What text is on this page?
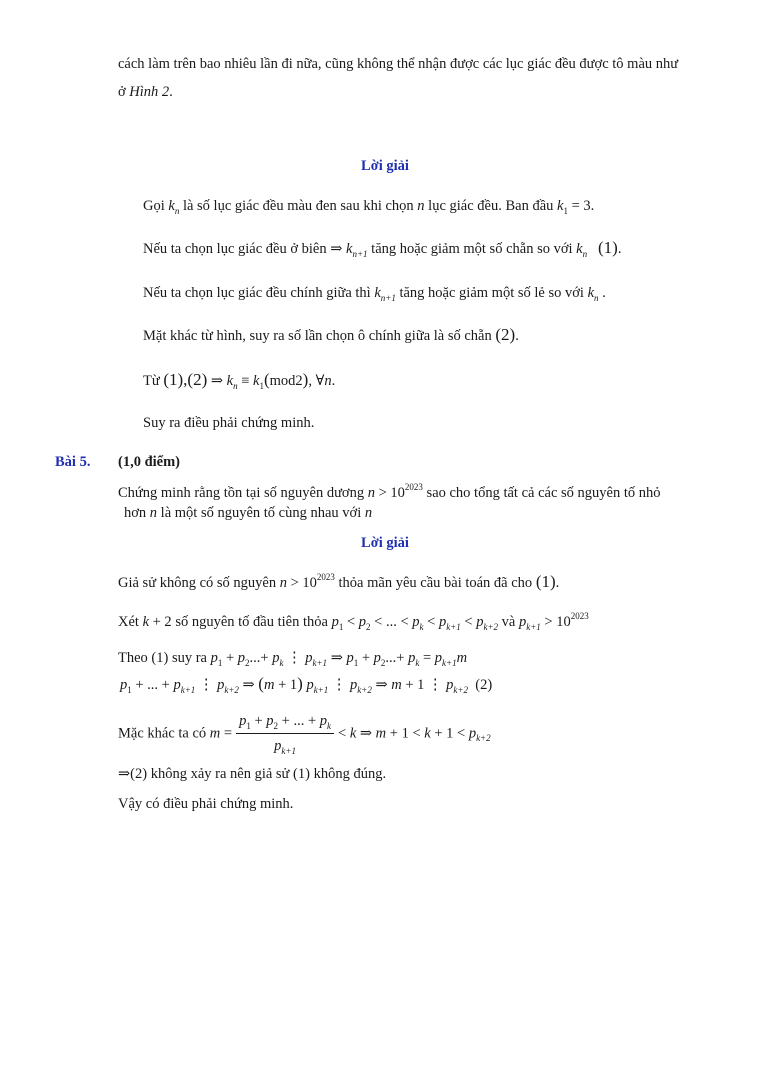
cách làm trên bao nhiêu lần đi nữa, cũng không thể nhận được các lục giác đều được tô màu như
ở Hình 2.
Lời giải
Gọi $k_n$ là số lục giác đều màu đen sau khi chọn n lục giác đều. Ban đầu $k_1 = 3$.
Nếu ta chọn lục giác đều ở biên ⇒ $k_{n+1}$ tăng hoặc giảm một số chẵn so với $k_n$ (1).
Nếu ta chọn lục giác đều chính giữa thì $k_{n+1}$ tăng hoặc giảm một số lẻ so với $k_n$ .
Mặt khác từ hình, suy ra số lần chọn ô chính giữa là số chẵn (2).
Từ (1),(2) ⇒ $k_n \equiv k_1(mod2)$, ∀n.
Suy ra điều phải chứng minh.
Bài 5. (1,0 điểm)
Chứng minh rằng tồn tại số nguyên dương $n > 10^{2023}$ sao cho tổng tất cả các số nguyên tố nhỏ
hơn n là một số nguyên tố cùng nhau với n
Lời giải
Giả sử không có số nguyên $n > 10^{2023}$ thỏa mãn yêu cầu bài toán đã cho (1).
Xét k + 2 số nguyên tố đầu tiên thỏa $p_1 < p_2$ < ... < $p_k < p_{k+1} < p_{k+2}$ và $p_{k+1} > 10^{2023}$
Theo (1) suy ra $p_1 + p_2...+ p_k$ ⋮ $p_{k+1}$ ⇒ $p_1 + p_2...+ p_k = p_{k+1}m$
$p_1$ + ... + $p_{k+1}$ ⋮ $p_{k+2}$ ⇒ (m + 1) $p_{k+1}$ ⋮ $p_{k+2}$ ⇒ m + 1 ⋮ $p_{k+2}$ (2)
Mặc khác ta có $m = \frac{p_1 + p_2 + ... + p_k}{p_{k+1}} < k$ ⇒ $m + 1 < k + 1 < p_{k+2}$
⇒(2) không xảy ra nên giả sử (1) không đúng.
Vậy có điều phải chứng minh.
